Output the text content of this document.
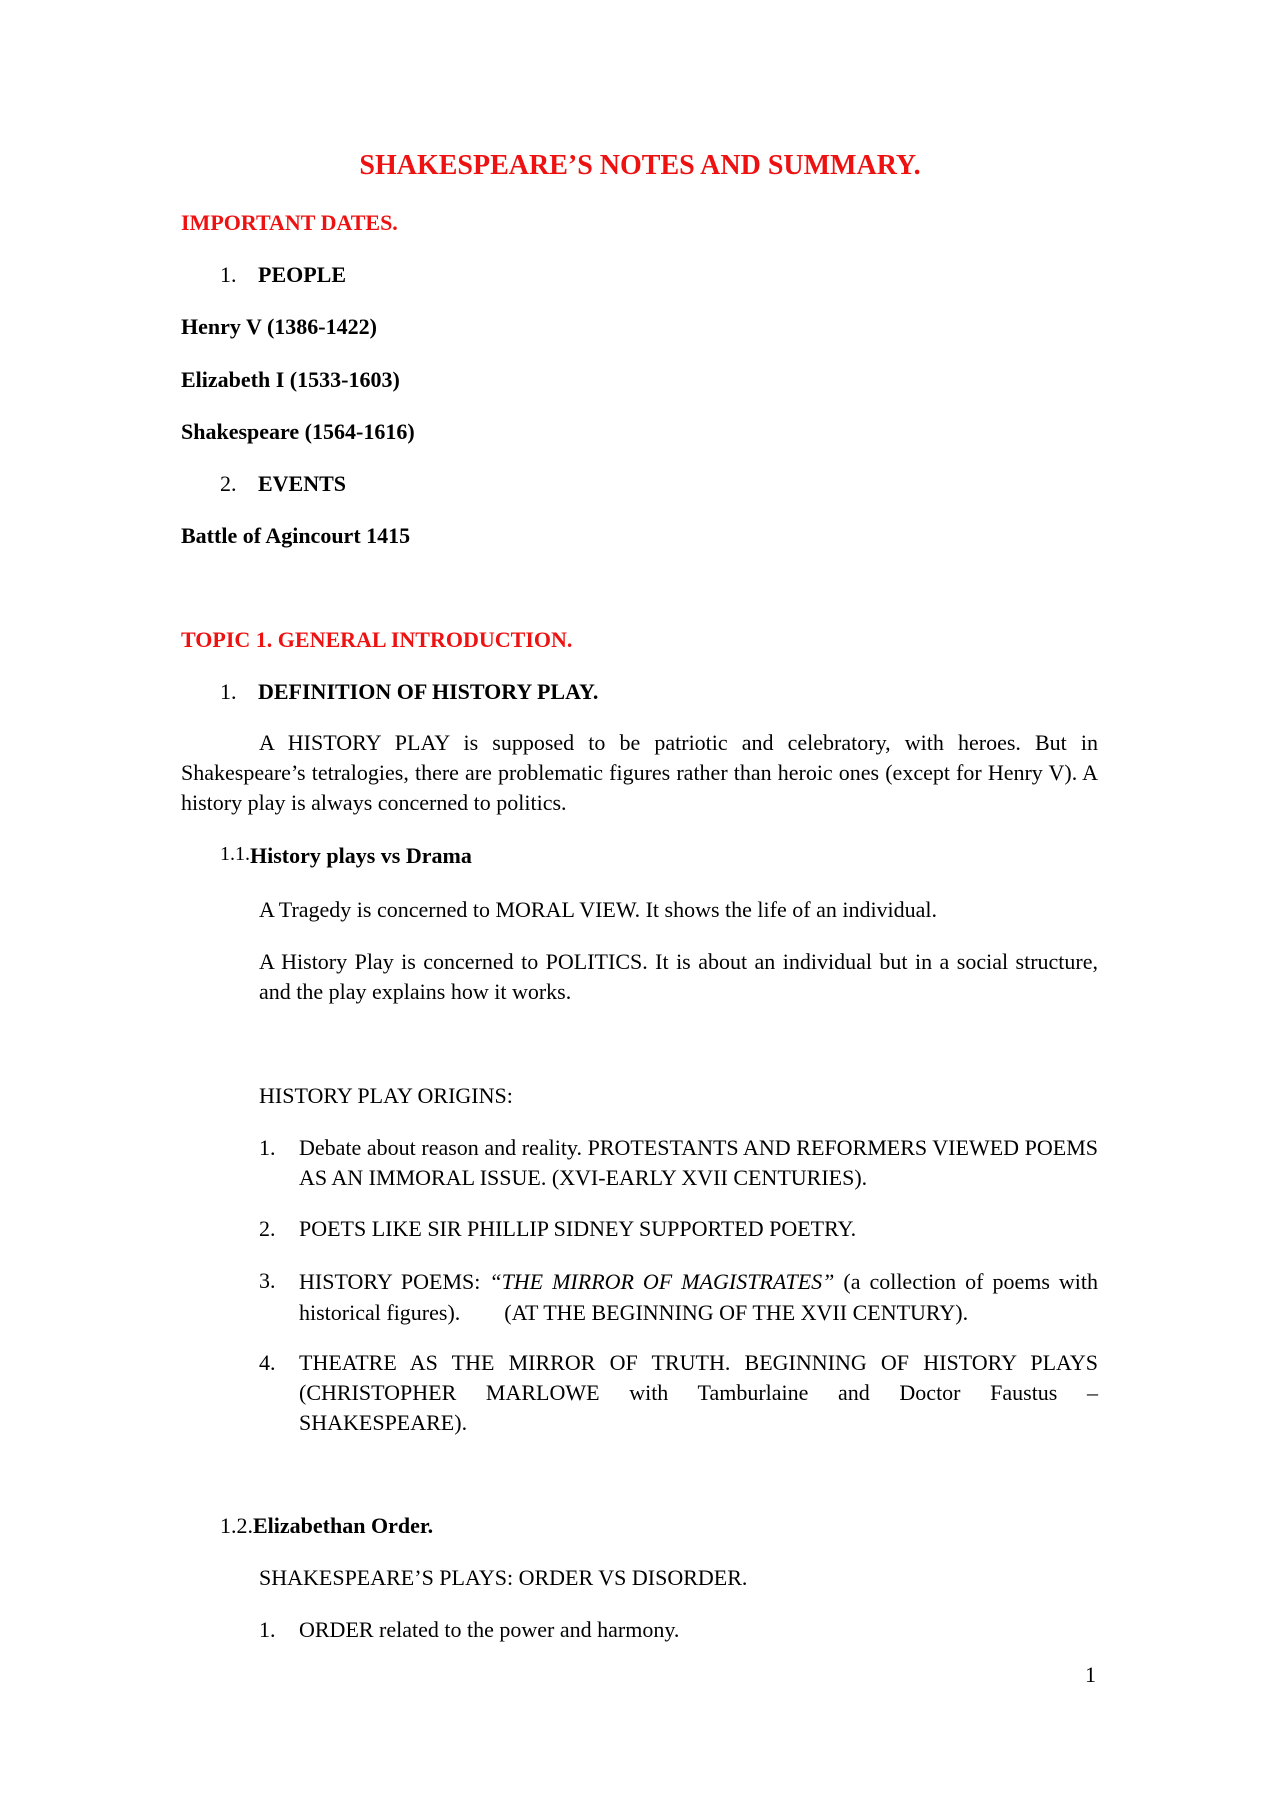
SHAKESPEARE’S NOTES AND SUMMARY.

IMPORTANT DATES.

1. PEOPLE

Henry V (1386-1422)

Elizabeth I (1533-1603)

Shakespeare (1564-1616)

2. EVENTS

Battle of Agincourt 1415

TOPIC 1. GENERAL INTRODUCTION.

1. DEFINITION OF HISTORY PLAY.

A HISTORY PLAY is supposed to be patriotic and celebratory, with heroes. But in Shakespeare’s tetralogies, there are problematic figures rather than heroic ones (except for Henry V). A history play is always concerned to politics.

1.1.History plays vs Drama

A Tragedy is concerned to MORAL VIEW. It shows the life of an individual.

A History Play is concerned to POLITICS. It is about an individual but in a social structure, and the play explains how it works.

HISTORY PLAY ORIGINS:

1. Debate about reason and reality. PROTESTANTS AND REFORMERS VIEWED POEMS AS AN IMMORAL ISSUE. (XVI-EARLY XVII CENTURIES).

2. POETS LIKE SIR PHILLIP SIDNEY SUPPORTED POETRY.

3. HISTORY POEMS: “THE MIRROR OF MAGISTRATES” (a collection of poems with historical figures).        (AT THE BEGINNING OF THE XVII CENTURY).

4. THEATRE AS THE MIRROR OF TRUTH. BEGINNING OF HISTORY PLAYS (CHRISTOPHER MARLOWE with Tamburlaine and Doctor Faustus – SHAKESPEARE).

1.2.Elizabethan Order.

SHAKESPEARE’S PLAYS: ORDER VS DISORDER.

1. ORDER related to the power and harmony.

1
